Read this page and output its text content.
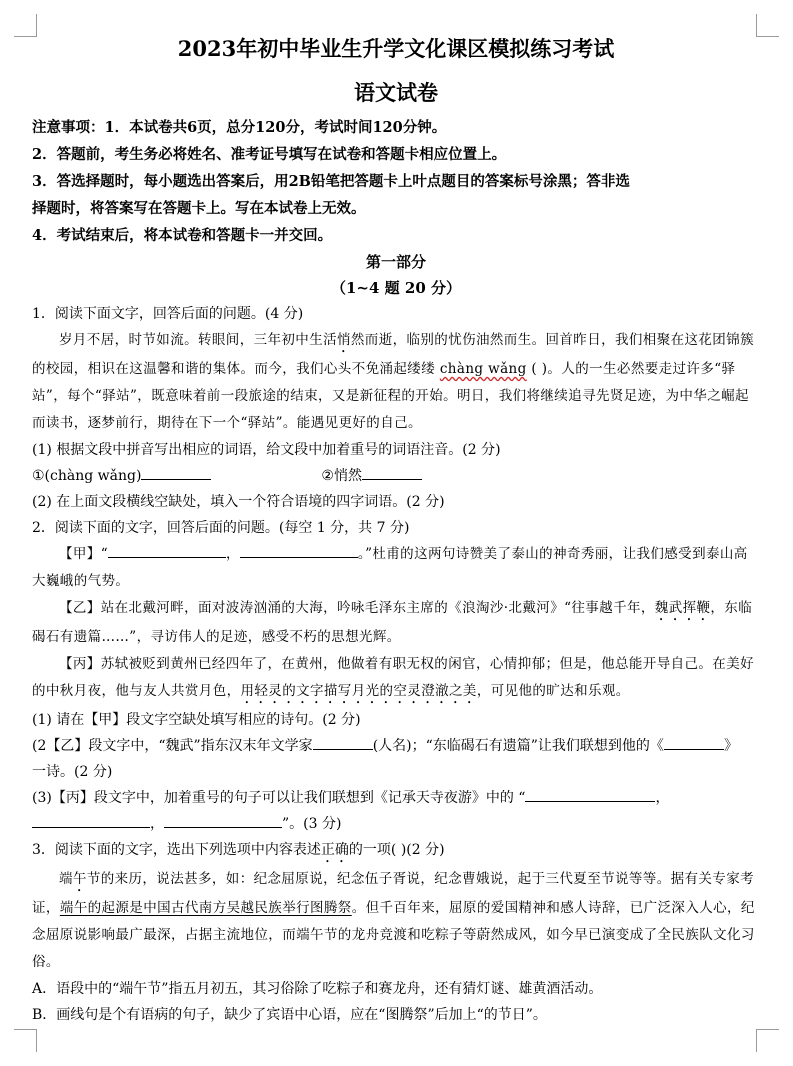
2023年初中毕业生升学文化课区模拟练习考试
语文试卷

注意事项：1．本试卷共6页，总分120分，考试时间120分钟。

2．答题前，考生务必将姓名、准考证号填写在试卷和答题卡相应位置上。

3．答选择题时，每小题选出答案后，用2B铅笔把答题卡上叶点题目的答案标号涂黑；答非选

择题时，将答案写在答题卡上。写在本试卷上无效。

4．考试结束后，将本试卷和答题卡一并交回。

第一部分

（1~4 题 20 分）

1．阅读下面文字，回答后面的问题。(4 分)

岁月不居，时节如流。转眼间，三年初中生活悄然而逝，临别的忧伤油然而生。回首昨日，我们相聚在这花团锦簇的校园，相识在这温馨和谐的集体。而今，我们心头不免涌起缕缕 chàng wǎng ( )。人的一生必然要走过许多“驿站”，每个“驿站”，既意味着前一段旅途的结束，又是新征程的开始。明日，我们将继续追寻先贤足迹，为中华之崛起而读书，逐梦前行，期待在下一个“驿站”。能遇见更好的自己。

(1) 根据文段中拼音写出相应的词语，给文段中加着重号的词语注音。(2 分)

①(chàng wǎng)	②悄然

(2) 在上面文段横线空缺处，填入一个符合语境的四字词语。(2 分)

2．阅读下面的文字，回答后面的问题。(每空 1 分，共 7 分)

【甲】“	，	。”杜甫的这两句诗赞美了泰山的神奇秀丽，让我们感受到泰山高大巍峨的气势。

【乙】站在北戴河畔，面对波涛汹涌的大海，吟咏毛泽东主席的《浪淘沙·北戴河》“往事越千年，魏武挥鞭，东临碣石有遗篇……”，寻访伟人的足迹，感受不朽的思想光辉。

【丙】苏轼被贬到黄州已经四年了，在黄州，他做着有职无权的闲官，心情抑郁；但是，他总能开导自己。在美好的中秋月夜，他与友人共赏月色，用轻灵的文字描写月光的空灵澄澈之美，可见他的旷达和乐观。

(1) 请在【甲】段文字空缺处填写相应的诗句。(2 分)

(2【乙】段文字中，“魏武”指东汉末年文学家	(人名)；“东临碣石有遗篇”让我们联想到他的《	》

一诗。(2 分)

(3)【丙】段文字中，加着重号的句子可以让我们联想到《记承天寺夜游》中的 “	，

，	”。(3 分)

3．阅读下面的文字，选出下列选项中内容表述正确的一项( )(2 分)

端午节的来历，说法甚多，如：纪念屈原说，纪念伍子胥说，纪念曹娥说，起于三代夏至节说等等。据有关专家考证，端午的起源是中国古代南方吴越民族举行图腾祭。但千百年来，屈原的爱国精神和感人诗辞，已广泛深入人心，纪念屈原说影响最广最深，占据主流地位，而端午节的龙舟竞渡和吃粽子等蔚然成风，如今早已演变成了全民族队文化习俗。

A．语段中的“端午节”指五月初五，其习俗除了吃粽子和赛龙舟，还有猜灯谜、雄黄酒活动。

B．画线句是个有语病的句子，缺少了宾语中心语，应在“图腾祭”后加上“的节日”。
